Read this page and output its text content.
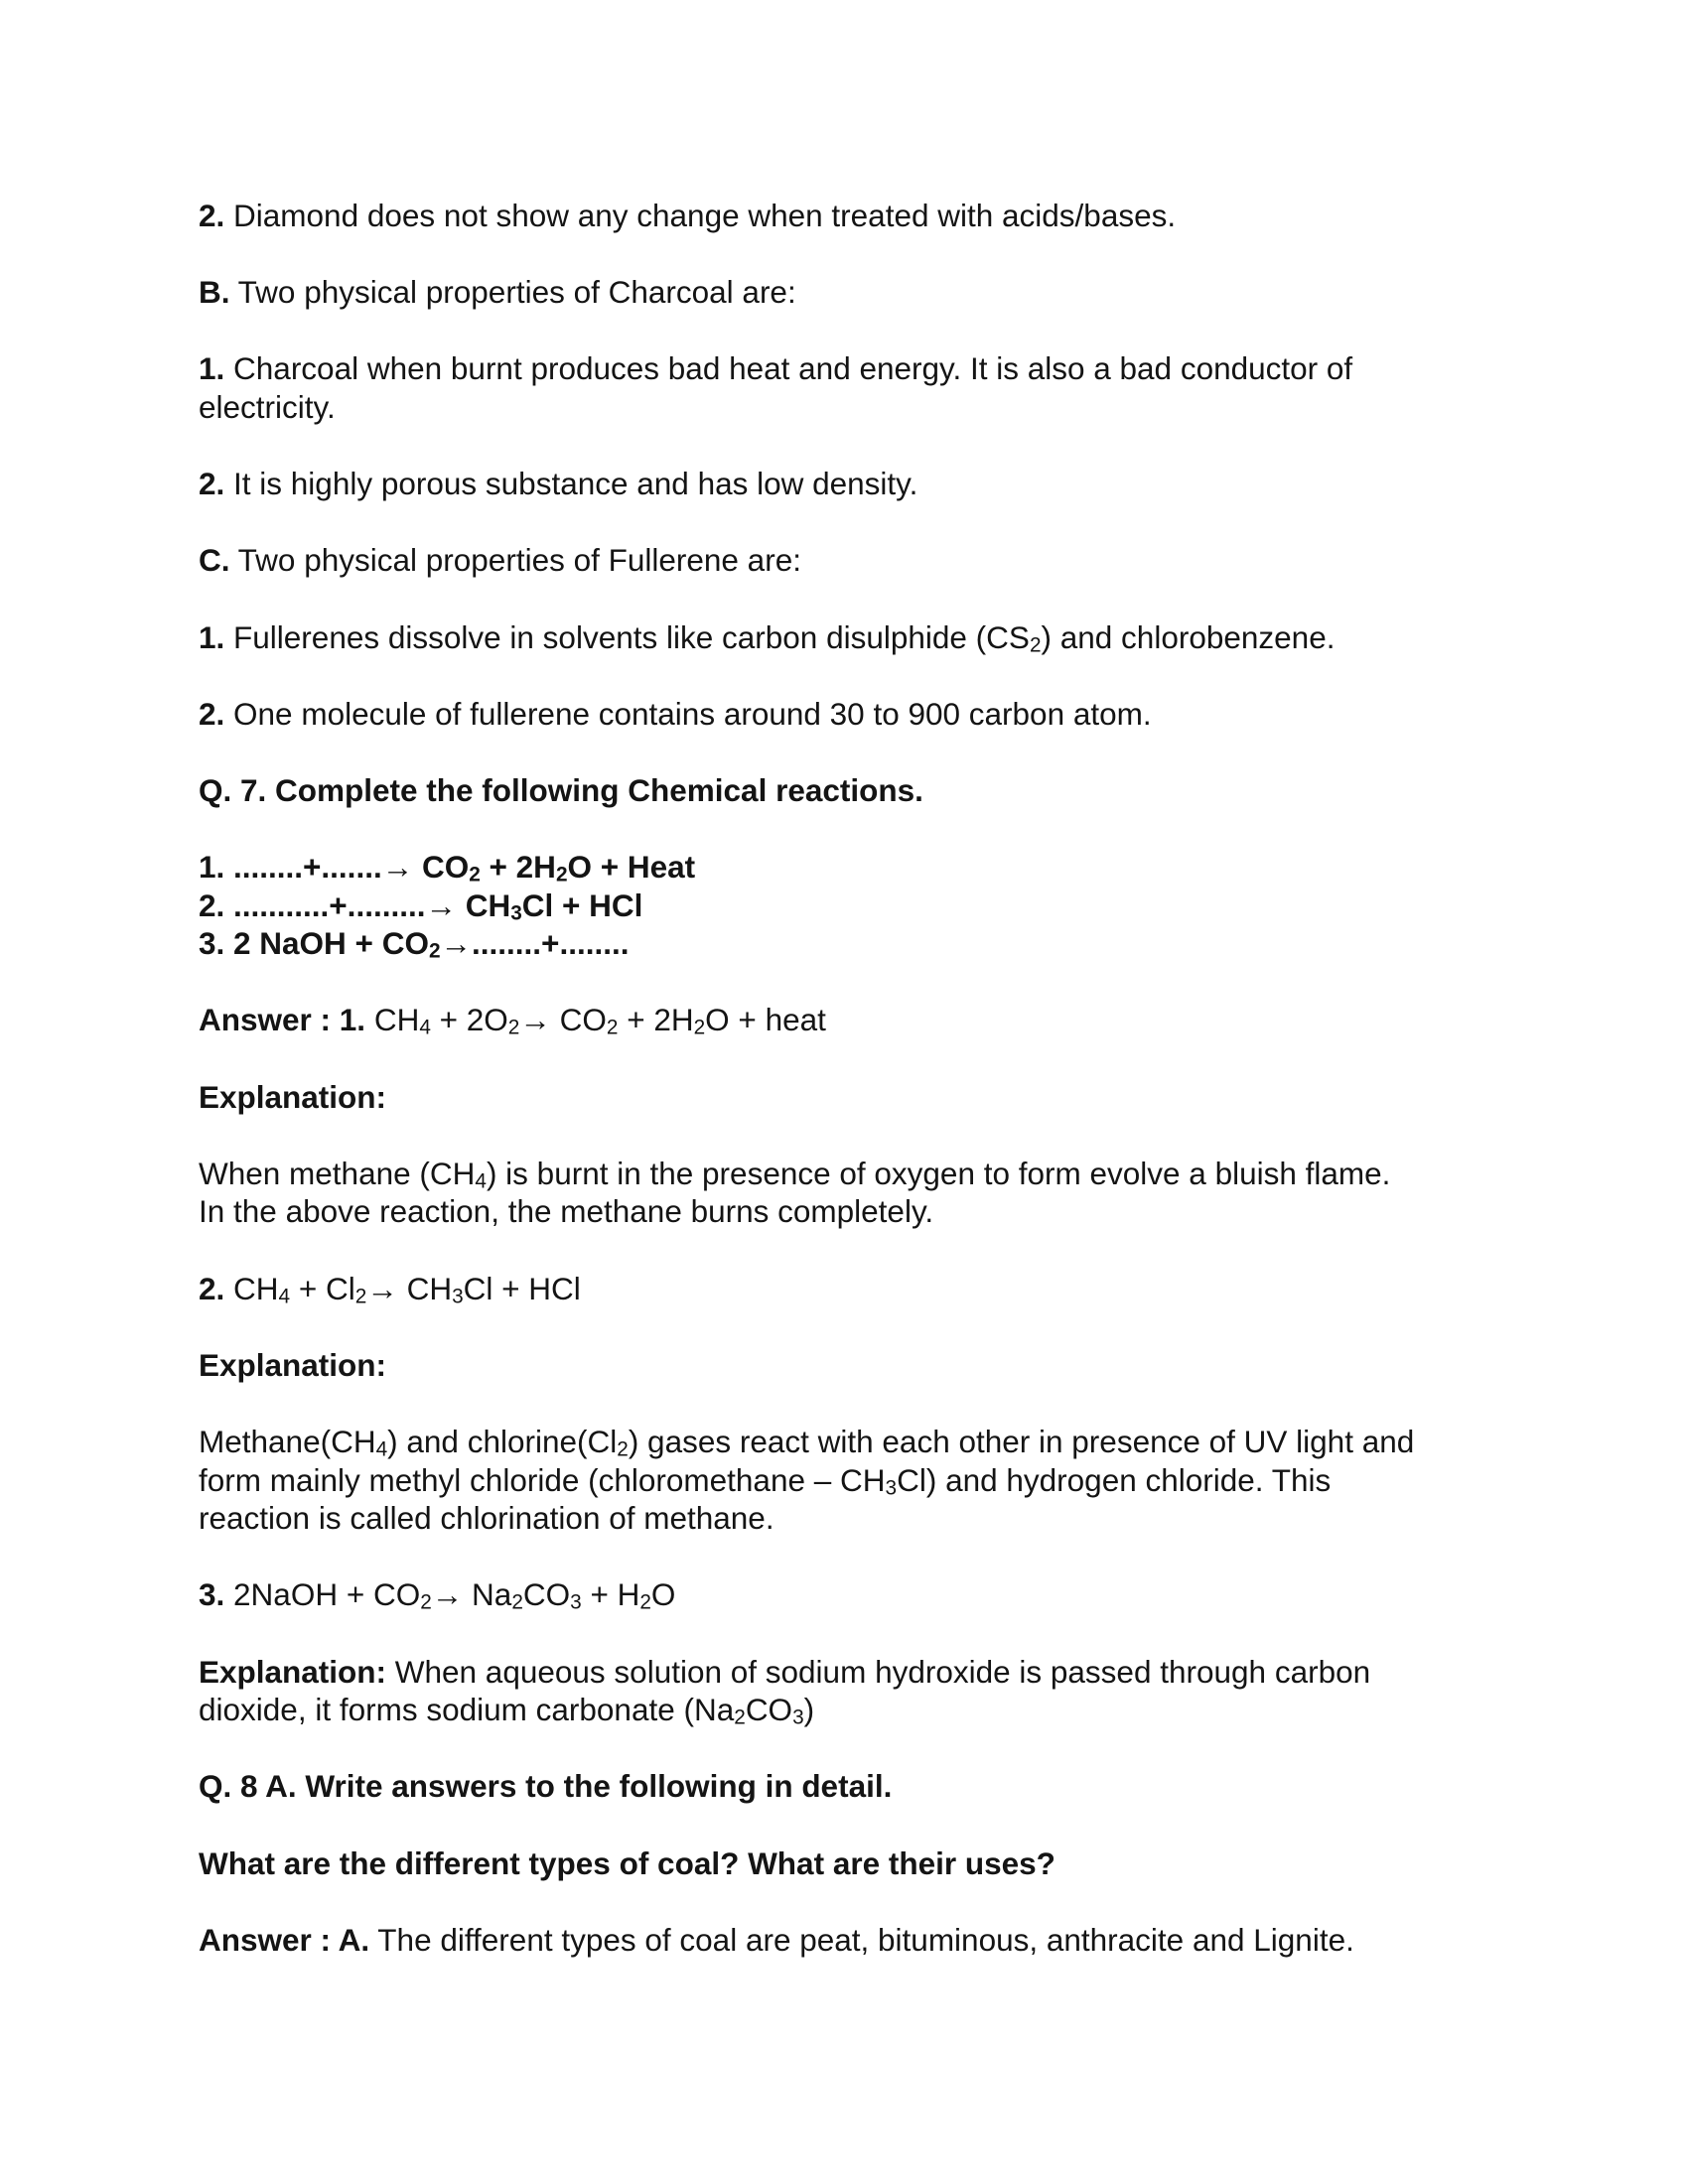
2. Diamond does not show any change when treated with acids/bases.
B. Two physical properties of Charcoal are:
1. Charcoal when burnt produces bad heat and energy. It is also a bad conductor of
electricity.
2. It is highly porous substance and has low density.
C. Two physical properties of Fullerene are:
1. Fullerenes dissolve in solvents like carbon disulphide $(CS_2)$ and chlorobenzene.
2. One molecule of fullerene contains around 30 to 900 carbon atom.
Q. 7. Complete the following Chemical reactions.
1. ........+.......→ $CO_2 + 2H_2O$ + Heat
2. ...........+.........→ $CH_3Cl$ + HCl
3. 2 NaOH + $CO_2\to........+$........
Answer : 1. $CH_4 + 2O_2\to CO_2 + 2H_2O$ + heat
Explanation:
When methane $(CH_4)$ is burnt in the presence of oxygen to form evolve a bluish flame.
In the above reaction, the methane burns completely.
2. $CH_4 + Cl_2\to CH_3Cl$ + HCl
Explanation:
$Methane(CH_4)$ and $chlorine(Cl_2)$ gases react with each other in presence of UV light and
form mainly methyl chloride (chloromethane – $CH_3Cl$) and hydrogen chloride. This
reaction is called chlorination of methane.
3. 2NaOH + $CO_2\to Na_2CO_3 + H_2O$
Explanation: When aqueous solution of sodium hydroxide is passed through carbon
dioxide, it forms sodium carbonate $(Na_2CO_3)$
Q. 8 A. Write answers to the following in detail.
What are the different types of coal? What are their uses?
Answer : A. The different types of coal are peat, bituminous, anthracite and Lignite.
